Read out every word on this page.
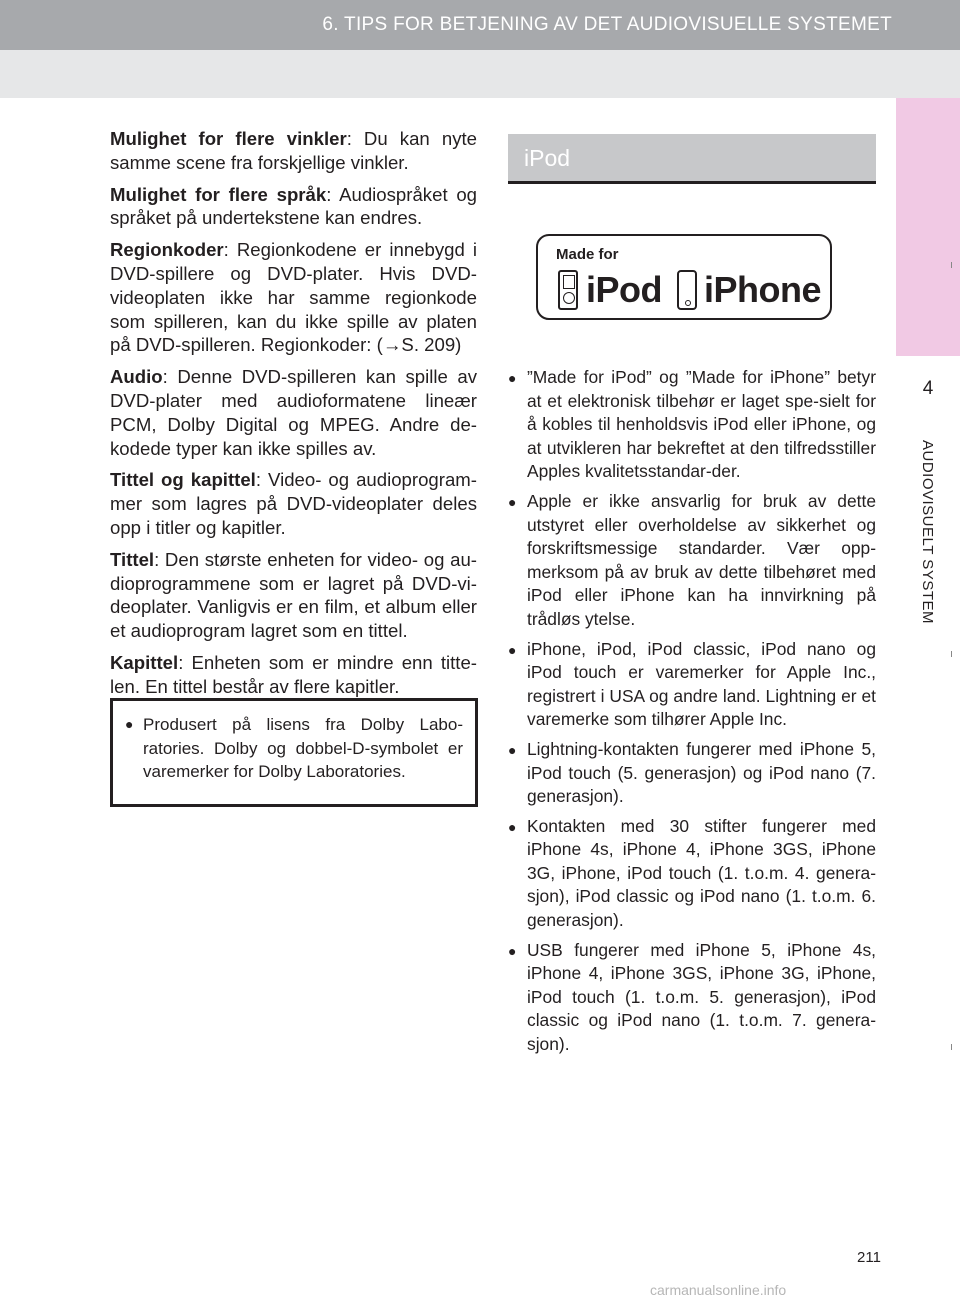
6. TIPS FOR BETJENING AV DET AUDIOVISUELLE SYSTEMET
4
AUDIOVISUELT SYSTEM

Mulighet for flere vinkler: Du kan nyte samme scene fra forskjellige vinkler.

Mulighet for flere språk: Audiospråket og språket på undertekstene kan endres.

Regionkoder: Regionkodene er innebygd i DVD-spillere og DVD-plater. Hvis DVD-videoplaten ikke har samme regionkode som spilleren, kan du ikke spille av platen på DVD-spilleren. Regionkoder: (→S. 209)

Audio: Denne DVD-spilleren kan spille av DVD-plater med audioformatene lineær PCM, Dolby Digital og MPEG. Andre de-kodede typer kan ikke spilles av.

Tittel og kapittel: Video- og audioprogram-mer som lagres på DVD-videoplater deles opp i titler og kapitler.

Tittel: Den største enheten for video- og au-dioprogrammene som er lagret på DVD-vi-deoplater. Vanligvis er en film, et album eller et audioprogram lagret som en tittel.

Kapittel: Enheten som er mindre enn titte-len. En tittel består av flere kapitler.

● Produsert på lisens fra Dolby Labo-ratories. Dolby og dobbel-D-symbolet er varemerker for Dolby Laboratories.

iPod
Made for
iPod iPhone
● ”Made for iPod” og ”Made for iPhone” betyr at et elektronisk tilbehør er laget spe-sielt for å kobles til henholdsvis iPod eller iPhone, og at utvikleren har bekreftet at den tilfredsstiller Apples kvalitetsstandar-der.
● Apple er ikke ansvarlig for bruk av dette utstyret eller overholdelse av sikkerhet og forskriftsmessige standarder. Vær opp-merksom på av bruk av dette tilbehøret med iPod eller iPhone kan ha innvirkning på trådløs ytelse.
● iPhone, iPod, iPod classic, iPod nano og iPod touch er varemerker for Apple Inc., registrert i USA og andre land. Lightning er et varemerke som tilhører Apple Inc.
● Lightning-kontakten fungerer med iPhone 5, iPod touch (5. generasjon) og iPod nano (7. generasjon).
● Kontakten med 30 stifter fungerer med iPhone 4s, iPhone 4, iPhone 3GS, iPhone 3G, iPhone, iPod touch (1. t.o.m. 4. genera-sjon), iPod classic og iPod nano (1. t.o.m. 6. generasjon).
● USB fungerer med iPhone 5, iPhone 4s, iPhone 4, iPhone 3GS, iPhone 3G, iPhone, iPod touch (1. t.o.m. 5. generasjon), iPod classic og iPod nano (1. t.o.m. 7. genera-sjon).
211
carmanualsonline.info
